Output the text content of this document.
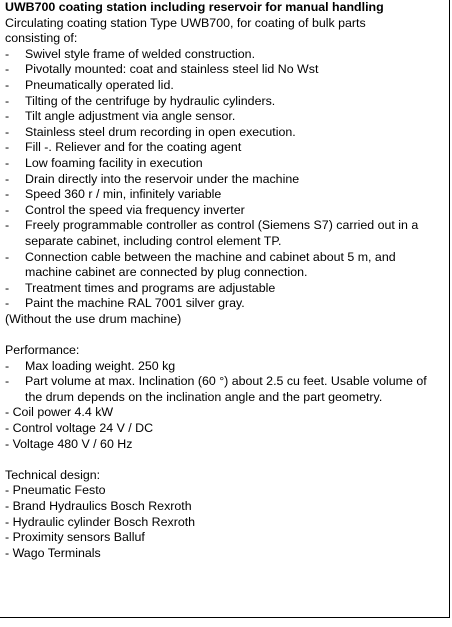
UWB700 coating station including reservoir for manual handling
Circulating coating station Type UWB700, for coating of bulk parts
consisting of:
-	Swivel style frame of welded construction.
-	Pivotally mounted: coat and stainless steel lid No Wst
-	Pneumatically operated lid.
-	Tilting of the centrifuge by hydraulic cylinders.
-	Tilt angle adjustment via angle sensor.
-	Stainless steel drum recording in open execution.
-	Fill -. Reliever and for the coating agent
-	Low foaming facility in execution
-	Drain directly into the reservoir under the machine
-	Speed 360 r / min, infinitely variable
-	Control the speed via frequency inverter
-	Freely programmable controller as control (Siemens S7) carried out in a separate cabinet, including control element TP.
-	Connection cable between the machine and cabinet about 5 m, and machine cabinet are connected by plug connection.
-	Treatment times and programs are adjustable
-	Paint the machine RAL 7001 silver gray.
(Without the use drum machine)
Performance:
-	Max loading weight. 250 kg
-	Part volume at max. Inclination (60 °) about 2.5 cu feet. Usable volume of the drum depends on the inclination angle and the part geometry.
- Coil power 4.4 kW
- Control voltage 24 V / DC
- Voltage 480 V / 60 Hz
Technical design:
- Pneumatic Festo
- Brand Hydraulics Bosch Rexroth
- Hydraulic cylinder Bosch Rexroth
- Proximity sensors Balluf
- Wago Terminals
